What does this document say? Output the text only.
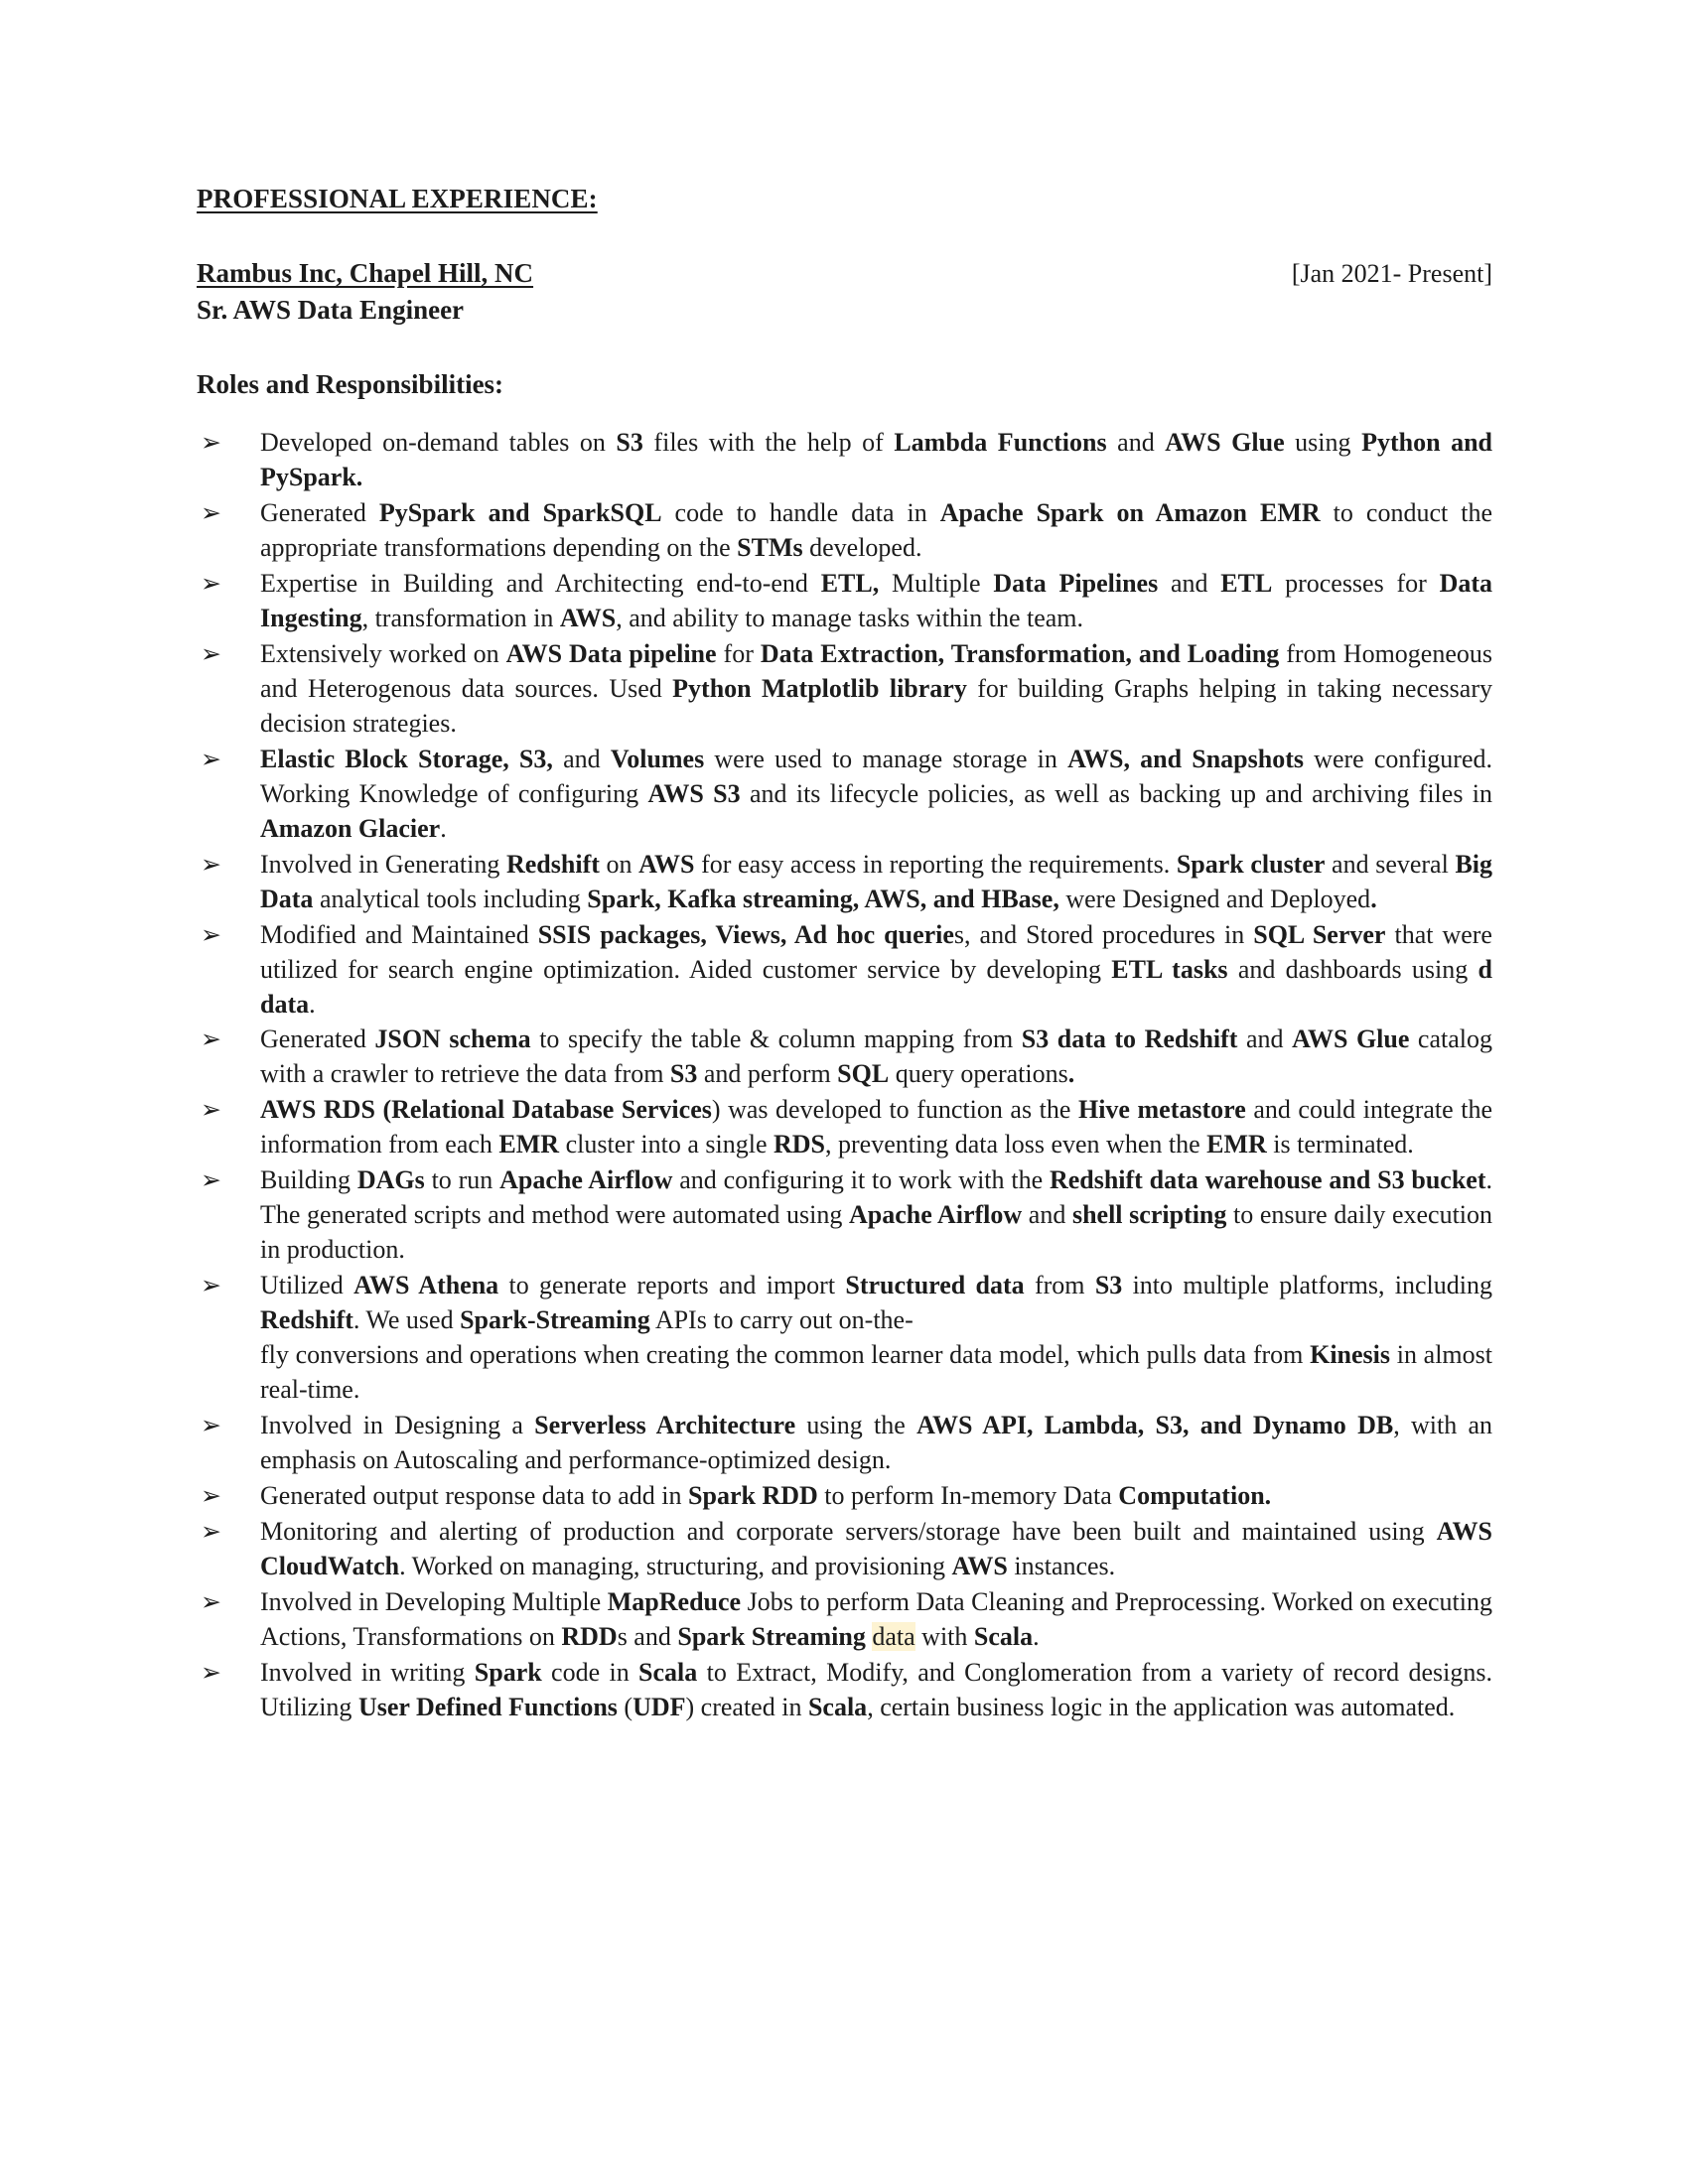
PROFESSIONAL EXPERIENCE:
Rambus Inc, Chapel Hill, NC	[Jan 2021- Present]
Sr. AWS Data Engineer
Roles and Responsibilities:
➢	Developed on-demand tables on S3 files with the help of Lambda Functions and AWS Glue using Python and PySpark.
➢	Generated PySpark and SparkSQL code to handle data in Apache Spark on Amazon EMR to conduct the appropriate transformations depending on the STMs developed.
➢	Expertise in Building and Architecting end-to-end ETL, Multiple Data Pipelines and ETL processes for Data Ingesting, transformation in AWS, and ability to manage tasks within the team.
➢	Extensively worked on AWS Data pipeline for Data Extraction, Transformation, and Loading from Homogeneous and Heterogenous data sources. Used Python Matplotlib library for building Graphs helping in taking necessary decision strategies.
➢	Elastic Block Storage, S3, and Volumes were used to manage storage in AWS, and Snapshots were configured. Working Knowledge of configuring AWS S3 and its lifecycle policies, as well as backing up and archiving files in Amazon Glacier.
➢	Involved in Generating Redshift on AWS for easy access in reporting the requirements. Spark cluster and several Big Data analytical tools including Spark, Kafka streaming, AWS, and HBase, were Designed and Deployed.
➢	Modified and Maintained SSIS packages, Views, Ad hoc queries, and Stored procedures in SQL Server that were utilized for search engine optimization. Aided customer service by developing ETL tasks and dashboards using d data.
➢	Generated JSON schema to specify the table & column mapping from S3 data to Redshift and AWS Glue catalog with a crawler to retrieve the data from S3 and perform SQL query operations.
➢	AWS RDS (Relational Database Services) was developed to function as the Hive metastore and could integrate the information from each EMR cluster into a single RDS, preventing data loss even when the EMR is terminated.
➢	Building DAGs to run Apache Airflow and configuring it to work with the Redshift data warehouse and S3 bucket. The generated scripts and method were automated using Apache Airflow and shell scripting to ensure daily execution in production.
➢	Utilized AWS Athena to generate reports and import Structured data from S3 into multiple platforms, including Redshift. We used Spark-Streaming APIs to carry out on-the-
fly conversions and operations when creating the common learner data model, which pulls data from Kinesis in almost real-time.
➢	Involved in Designing a Serverless Architecture using the AWS API, Lambda, S3, and Dynamo DB, with an emphasis on Autoscaling and performance-optimized design.
➢	Generated output response data to add in Spark RDD to perform In-memory Data Computation.
➢	Monitoring and alerting of production and corporate servers/storage have been built and maintained using AWS CloudWatch. Worked on managing, structuring, and provisioning AWS instances.
➢	Involved in Developing Multiple MapReduce Jobs to perform Data Cleaning and Preprocessing. Worked on executing Actions, Transformations on RDDs and Spark Streaming data with Scala.
➢	Involved in writing Spark code in Scala to Extract, Modify, and Conglomeration from a variety of record designs. Utilizing User Defined Functions (UDF) created in Scala, certain business logic in the application was automated.
